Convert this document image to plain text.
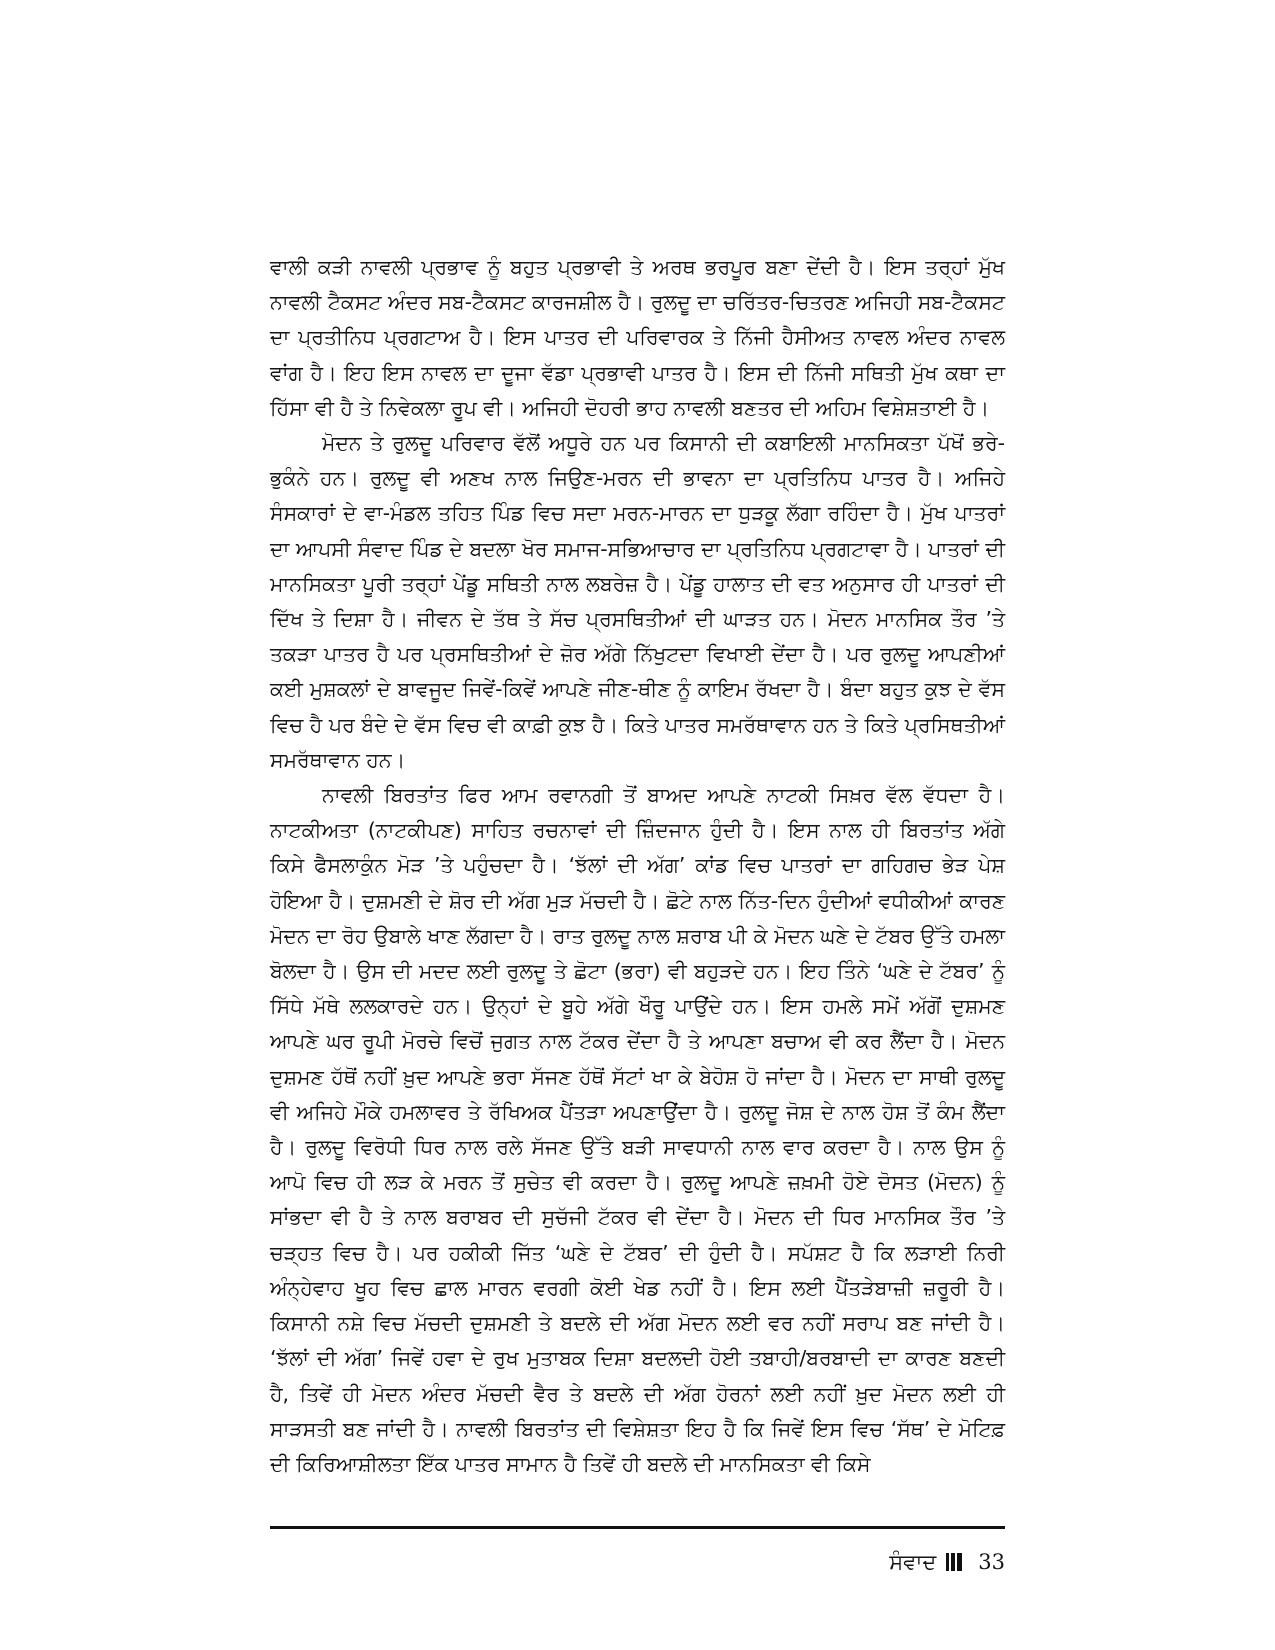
ਵਾਲੀ ਕੜੀ ਨਾਵਲੀ ਪ੍ਰਭਾਵ ਨੂੰ ਬਹੁਤ ਪ੍ਰਭਾਵੀ ਤੇ ਅਰਥ ਭਰਪੂਰ ਬਣਾ ਦੇਂਦੀ ਹੈ। ਇਸ ਤਰ੍ਹਾਂ ਮੁੱਖ ਨਾਵਲੀ ਟੈਕਸਟ ਅੰਦਰ ਸਬ-ਟੈਕਸਟ ਕਾਰਜਸ਼ੀਲ ਹੈ। ਰੁਲਦੂ ਦਾ ਚਰਿੱਤਰ-ਚਿਤਰਣ ਅਜਿਹੀ ਸਬ-ਟੈਕਸਟ ਦਾ ਪ੍ਰਤੀਨਿਧ ਪ੍ਰਗਟਾਅ ਹੈ। ਇਸ ਪਾਤਰ ਦੀ ਪਰਿਵਾਰਕ ਤੇ ਨਿੱਜੀ ਹੈਸੀਅਤ ਨਾਵਲ ਅੰਦਰ ਨਾਵਲ ਵਾਂਗ ਹੈ। ਇਹ ਇਸ ਨਾਵਲ ਦਾ ਦੂਜਾ ਵੱਡਾ ਪ੍ਰਭਾਵੀ ਪਾਤਰ ਹੈ। ਇਸ ਦੀ ਨਿੱਜੀ ਸਥਿਤੀ ਮੁੱਖ ਕਥਾ ਦਾ ਹਿੱਸਾ ਵੀ ਹੈ ਤੇ ਨਿਵੇਕਲਾ ਰੂਪ ਵੀ। ਅਜਿਹੀ ਦੋਹਰੀ ਭਾਹ ਨਾਵਲੀ ਬਣਤਰ ਦੀ ਅਹਿਮ ਵਿਸ਼ੇਸ਼ਤਾਈ ਹੈ।

ਮੋਦਨ ਤੇ ਰੁਲਦੂ ਪਰਿਵਾਰ ਵੱਲੋਂ ਅਧੂਰੇ ਹਨ ਪਰ ਕਿਸਾਨੀ ਦੀ ਕਬਾਇਲੀ ਮਾਨਸਿਕਤਾ ਪੱਖੋਂ ਭਰੇ-ਭੁਕੰਨੇ ਹਨ। ਰੁਲਦੂ ਵੀ ਅਣਖ ਨਾਲ ਜਿਉਣ-ਮਰਨ ਦੀ ਭਾਵਨਾ ਦਾ ਪ੍ਰਤਿਨਿਧ ਪਾਤਰ ਹੈ। ਅਜਿਹੇ ਸੰਸਕਾਰਾਂ ਦੇ ਵਾ-ਮੰਡਲ ਤਹਿਤ ਪਿੰਡ ਵਿਚ ਸਦਾ ਮਰਨ-ਮਾਰਨ ਦਾ ਧੁੜਕੂ ਲੱਗਾ ਰਹਿੰਦਾ ਹੈ। ਮੁੱਖ ਪਾਤਰਾਂ ਦਾ ਆਪਸੀ ਸੰਵਾਦ ਪਿੰਡ ਦੇ ਬਦਲਾ ਖੋਰ ਸਮਾਜ-ਸਭਿਆਚਾਰ ਦਾ ਪ੍ਰਤਿਨਿਧ ਪ੍ਰਗਟਾਵਾ ਹੈ। ਪਾਤਰਾਂ ਦੀ ਮਾਨਸਿਕਤਾ ਪੂਰੀ ਤਰ੍ਹਾਂ ਪੇਂਡੂ ਸਥਿਤੀ ਨਾਲ ਲਬਰੇਜ਼ ਹੈ। ਪੇਂਡੂ ਹਾਲਾਤ ਦੀ ਵਤ ਅਨੁਸਾਰ ਹੀ ਪਾਤਰਾਂ ਦੀ ਦਿੱਖ ਤੇ ਦਿਸ਼ਾ ਹੈ। ਜੀਵਨ ਦੇ ਤੱਥ ਤੇ ਸੱਚ ਪ੍ਰਸਥਿਤੀਆਂ ਦੀ ਘਾੜਤ ਹਨ। ਮੋਦਨ ਮਾਨਸਿਕ ਤੌਰ ’ਤੇ ਤਕੜਾ ਪਾਤਰ ਹੈ ਪਰ ਪ੍ਰਸਥਿਤੀਆਂ ਦੇ ਜ਼ੋਰ ਅੱਗੇ ਨਿੱਖੁਟਦਾ ਵਿਖਾਈ ਦੇਂਦਾ ਹੈ। ਪਰ ਰੁਲਦੂ ਆਪਣੀਆਂ ਕਈ ਮੁਸ਼ਕਲਾਂ ਦੇ ਬਾਵਜੂਦ ਜਿਵੇਂ-ਕਿਵੇਂ ਆਪਣੇ ਜੀਣ-ਥੀਣ ਨੂੰ ਕਾਇਮ ਰੱਖਦਾ ਹੈ। ਬੰਦਾ ਬਹੁਤ ਕੁਝ ਦੇ ਵੱਸ ਵਿਚ ਹੈ ਪਰ ਬੰਦੇ ਦੇ ਵੱਸ ਵਿਚ ਵੀ ਕਾਫ਼ੀ ਕੁਝ ਹੈ। ਕਿਤੇ ਪਾਤਰ ਸਮਰੱਥਾਵਾਨ ਹਨ ਤੇ ਕਿਤੇ ਪ੍ਰਸਿਥਤੀਆਂ ਸਮਰੱਥਾਵਾਨ ਹਨ।

ਨਾਵਲੀ ਬਿਰਤਾਂਤ ਫਿਰ ਆਮ ਰਵਾਨਗੀ ਤੋਂ ਬਾਅਦ ਆਪਣੇ ਨਾਟਕੀ ਸਿਖ਼ਰ ਵੱਲ ਵੱਧਦਾ ਹੈ। ਨਾਟਕੀਅਤਾ (ਨਾਟਕੀਪਣ) ਸਾਹਿਤ ਰਚਨਾਵਾਂ ਦੀ ਜ਼ਿੰਦਜਾਨ ਹੁੰਦੀ ਹੈ। ਇਸ ਨਾਲ ਹੀ ਬਿਰਤਾਂਤ ਅੱਗੇ ਕਿਸੇ ਫੈਸਲਾਕੁੰਨ ਮੋੜ ’ਤੇ ਪਹੁੰਚਦਾ ਹੈ। ‘ਝੱਲਾਂ ਦੀ ਅੱਗ’ ਕਾਂਡ ਵਿਚ ਪਾਤਰਾਂ ਦਾ ਗਹਿਗਚ ਭੇੜ ਪੇਸ਼ ਹੋਇਆ ਹੈ। ਦੁਸ਼ਮਣੀ ਦੇ ਸ਼ੋਰ ਦੀ ਅੱਗ ਮੁੜ ਮੱਚਦੀ ਹੈ। ਛੋਟੇ ਨਾਲ ਨਿੱਤ-ਦਿਨ ਹੁੰਦੀਆਂ ਵਧੀਕੀਆਂ ਕਾਰਣ ਮੋਦਨ ਦਾ ਰੋਹ ਉਬਾਲੇ ਖਾਣ ਲੱਗਦਾ ਹੈ। ਰਾਤ ਰੁਲਦੂ ਨਾਲ ਸ਼ਰਾਬ ਪੀ ਕੇ ਮੋਦਨ ਘਣੇ ਦੇ ਟੱਬਰ ਉੱਤੇ ਹਮਲਾ ਬੋਲਦਾ ਹੈ। ਉਸ ਦੀ ਮਦਦ ਲਈ ਰੁਲਦੂ ਤੇ ਛੋਟਾ (ਭਰਾ) ਵੀ ਬਹੁੜਦੇ ਹਨ। ਇਹ ਤਿੰਨੇ ‘ਘਣੇ ਦੇ ਟੱਬਰ’ ਨੂੰ ਸਿੱਧੇ ਮੱਥੇ ਲਲਕਾਰਦੇ ਹਨ। ਉਨ੍ਹਾਂ ਦੇ ਬੂਹੇ ਅੱਗੇ ਖੌਰੂ ਪਾਉਂਦੇ ਹਨ। ਇਸ ਹਮਲੇ ਸਮੇਂ ਅੱਗੋਂ ਦੁਸ਼ਮਣ ਆਪਣੇ ਘਰ ਰੂਪੀ ਮੋਰਚੇ ਵਿਚੋਂ ਜੁਗਤ ਨਾਲ ਟੱਕਰ ਦੇਂਦਾ ਹੈ ਤੇ ਆਪਣਾ ਬਚਾਅ ਵੀ ਕਰ ਲੈਂਦਾ ਹੈ। ਮੋਦਨ ਦੁਸ਼ਮਣ ਹੱਥੋਂ ਨਹੀਂ ਖ਼ੁਦ ਆਪਣੇ ਭਰਾ ਸੱਜਣ ਹੱਥੋਂ ਸੱਟਾਂ ਖਾ ਕੇ ਬੇਹੋਸ਼ ਹੋ ਜਾਂਦਾ ਹੈ। ਮੋਦਨ ਦਾ ਸਾਥੀ ਰੁਲਦੂ ਵੀ ਅਜਿਹੇ ਮੌਕੇ ਹਮਲਾਵਰ ਤੇ ਰੱਖਿਅਕ ਪੈਂਤੜਾ ਅਪਣਾਉਂਦਾ ਹੈ। ਰੁਲਦੂ ਜੋਸ਼ ਦੇ ਨਾਲ ਹੋਸ਼ ਤੋਂ ਕੰਮ ਲੈਂਦਾ ਹੈ। ਰੁਲਦੂ ਵਿਰੋਧੀ ਧਿਰ ਨਾਲ ਰਲੇ ਸੱਜਣ ਉੱਤੇ ਬੜੀ ਸਾਵਧਾਨੀ ਨਾਲ ਵਾਰ ਕਰਦਾ ਹੈ। ਨਾਲ ਉਸ ਨੂੰ ਆਪੋ ਵਿਚ ਹੀ ਲੜ ਕੇ ਮਰਨ ਤੋਂ ਸੁਚੇਤ ਵੀ ਕਰਦਾ ਹੈ। ਰੁਲਦੂ ਆਪਣੇ ਜ਼ਖ਼ਮੀ ਹੋਏ ਦੋਸਤ (ਮੋਦਨ) ਨੂੰ ਸਾਂਭਦਾ ਵੀ ਹੈ ਤੇ ਨਾਲ ਬਰਾਬਰ ਦੀ ਸੁਚੱਜੀ ਟੱਕਰ ਵੀ ਦੇਂਦਾ ਹੈ। ਮੋਦਨ ਦੀ ਧਿਰ ਮਾਨਸਿਕ ਤੌਰ ’ਤੇ ਚੜ੍ਹਤ ਵਿਚ ਹੈ। ਪਰ ਹਕੀਕੀ ਜਿੱਤ ‘ਘਣੇ ਦੇ ਟੱਬਰ’ ਦੀ ਹੁੰਦੀ ਹੈ। ਸਪੱਸ਼ਟ ਹੈ ਕਿ ਲੜਾਈ ਨਿਰੀ ਅੰਨ੍ਹੇਵਾਹ ਖੂਹ ਵਿਚ ਛਾਲ ਮਾਰਨ ਵਰਗੀ ਕੋਈ ਖੇਡ ਨਹੀਂ ਹੈ। ਇਸ ਲਈ ਪੈਂਤੜੇਬਾਜ਼ੀ ਜ਼ਰੂਰੀ ਹੈ। ਕਿਸਾਨੀ ਨਸ਼ੇ ਵਿਚ ਮੱਚਦੀ ਦੁਸ਼ਮਣੀ ਤੇ ਬਦਲੇ ਦੀ ਅੱਗ ਮੋਦਨ ਲਈ ਵਰ ਨਹੀਂ ਸਰਾਪ ਬਣ ਜਾਂਦੀ ਹੈ। ‘ਝੱਲਾਂ ਦੀ ਅੱਗ’ ਜਿਵੇਂ ਹਵਾ ਦੇ ਰੁਖ ਮੁਤਾਬਕ ਦਿਸ਼ਾ ਬਦਲਦੀ ਹੋਈ ਤਬਾਹੀ/ਬਰਬਾਦੀ ਦਾ ਕਾਰਣ ਬਣਦੀ ਹੈ, ਤਿਵੇਂ ਹੀ ਮੋਦਨ ਅੰਦਰ ਮੱਚਦੀ ਵੈਰ ਤੇ ਬਦਲੇ ਦੀ ਅੱਗ ਹੋਰਨਾਂ ਲਈ ਨਹੀਂ ਖ਼ੁਦ ਮੋਦਨ ਲਈ ਹੀ ਸਾੜਸਤੀ ਬਣ ਜਾਂਦੀ ਹੈ। ਨਾਵਲੀ ਬਿਰਤਾਂਤ ਦੀ ਵਿਸ਼ੇਸ਼ਤਾ ਇਹ ਹੈ ਕਿ ਜਿਵੇਂ ਇਸ ਵਿਚ ‘ਸੱਥ’ ਦੇ ਮੋਟਿਫ਼ ਦੀ ਕਿਰਿਆਸ਼ੀਲਤਾ ਇੱਕ ਪਾਤਰ ਸਾਮਾਨ ਹੈ ਤਿਵੇਂ ਹੀ ਬਦਲੇ ਦੀ ਮਾਨਸਿਕਤਾ ਵੀ ਕਿਸੇ

ਸੰਵਾਦ 33
